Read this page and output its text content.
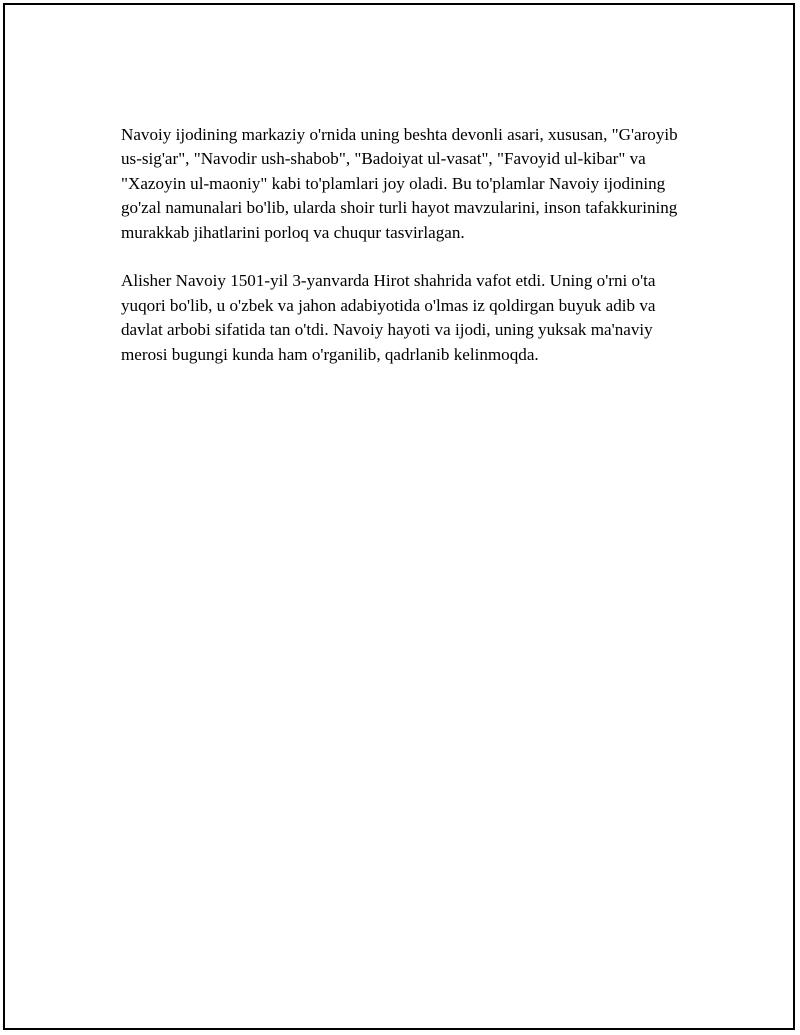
Navoiy ijodining markaziy o'rnida uning beshta devonli asari, xususan, "G'aroyib us-sig'ar", "Navodir ush-shabob", "Badoiyat ul-vasat", "Favoyid ul-kibar" va "Xazoyin ul-maoniy" kabi to'plamlari joy oladi. Bu to'plamlar Navoiy ijodining go'zal namunalari bo'lib, ularda shoir turli hayot mavzularini, inson tafakkurining murakkab jihatlarini porloq va chuqur tasvirlagan.

Alisher Navoiy 1501-yil 3-yanvarda Hirot shahrida vafot etdi. Uning o'rni o'ta yuqori bo'lib, u o'zbek va jahon adabiyotida o'lmas iz qoldirgan buyuk adib va davlat arbobi sifatida tan o'tdi. Navoiy hayoti va ijodi, uning yuksak ma'naviy merosi bugungi kunda ham o'rganilib, qadrlanib kelinmoqda.
